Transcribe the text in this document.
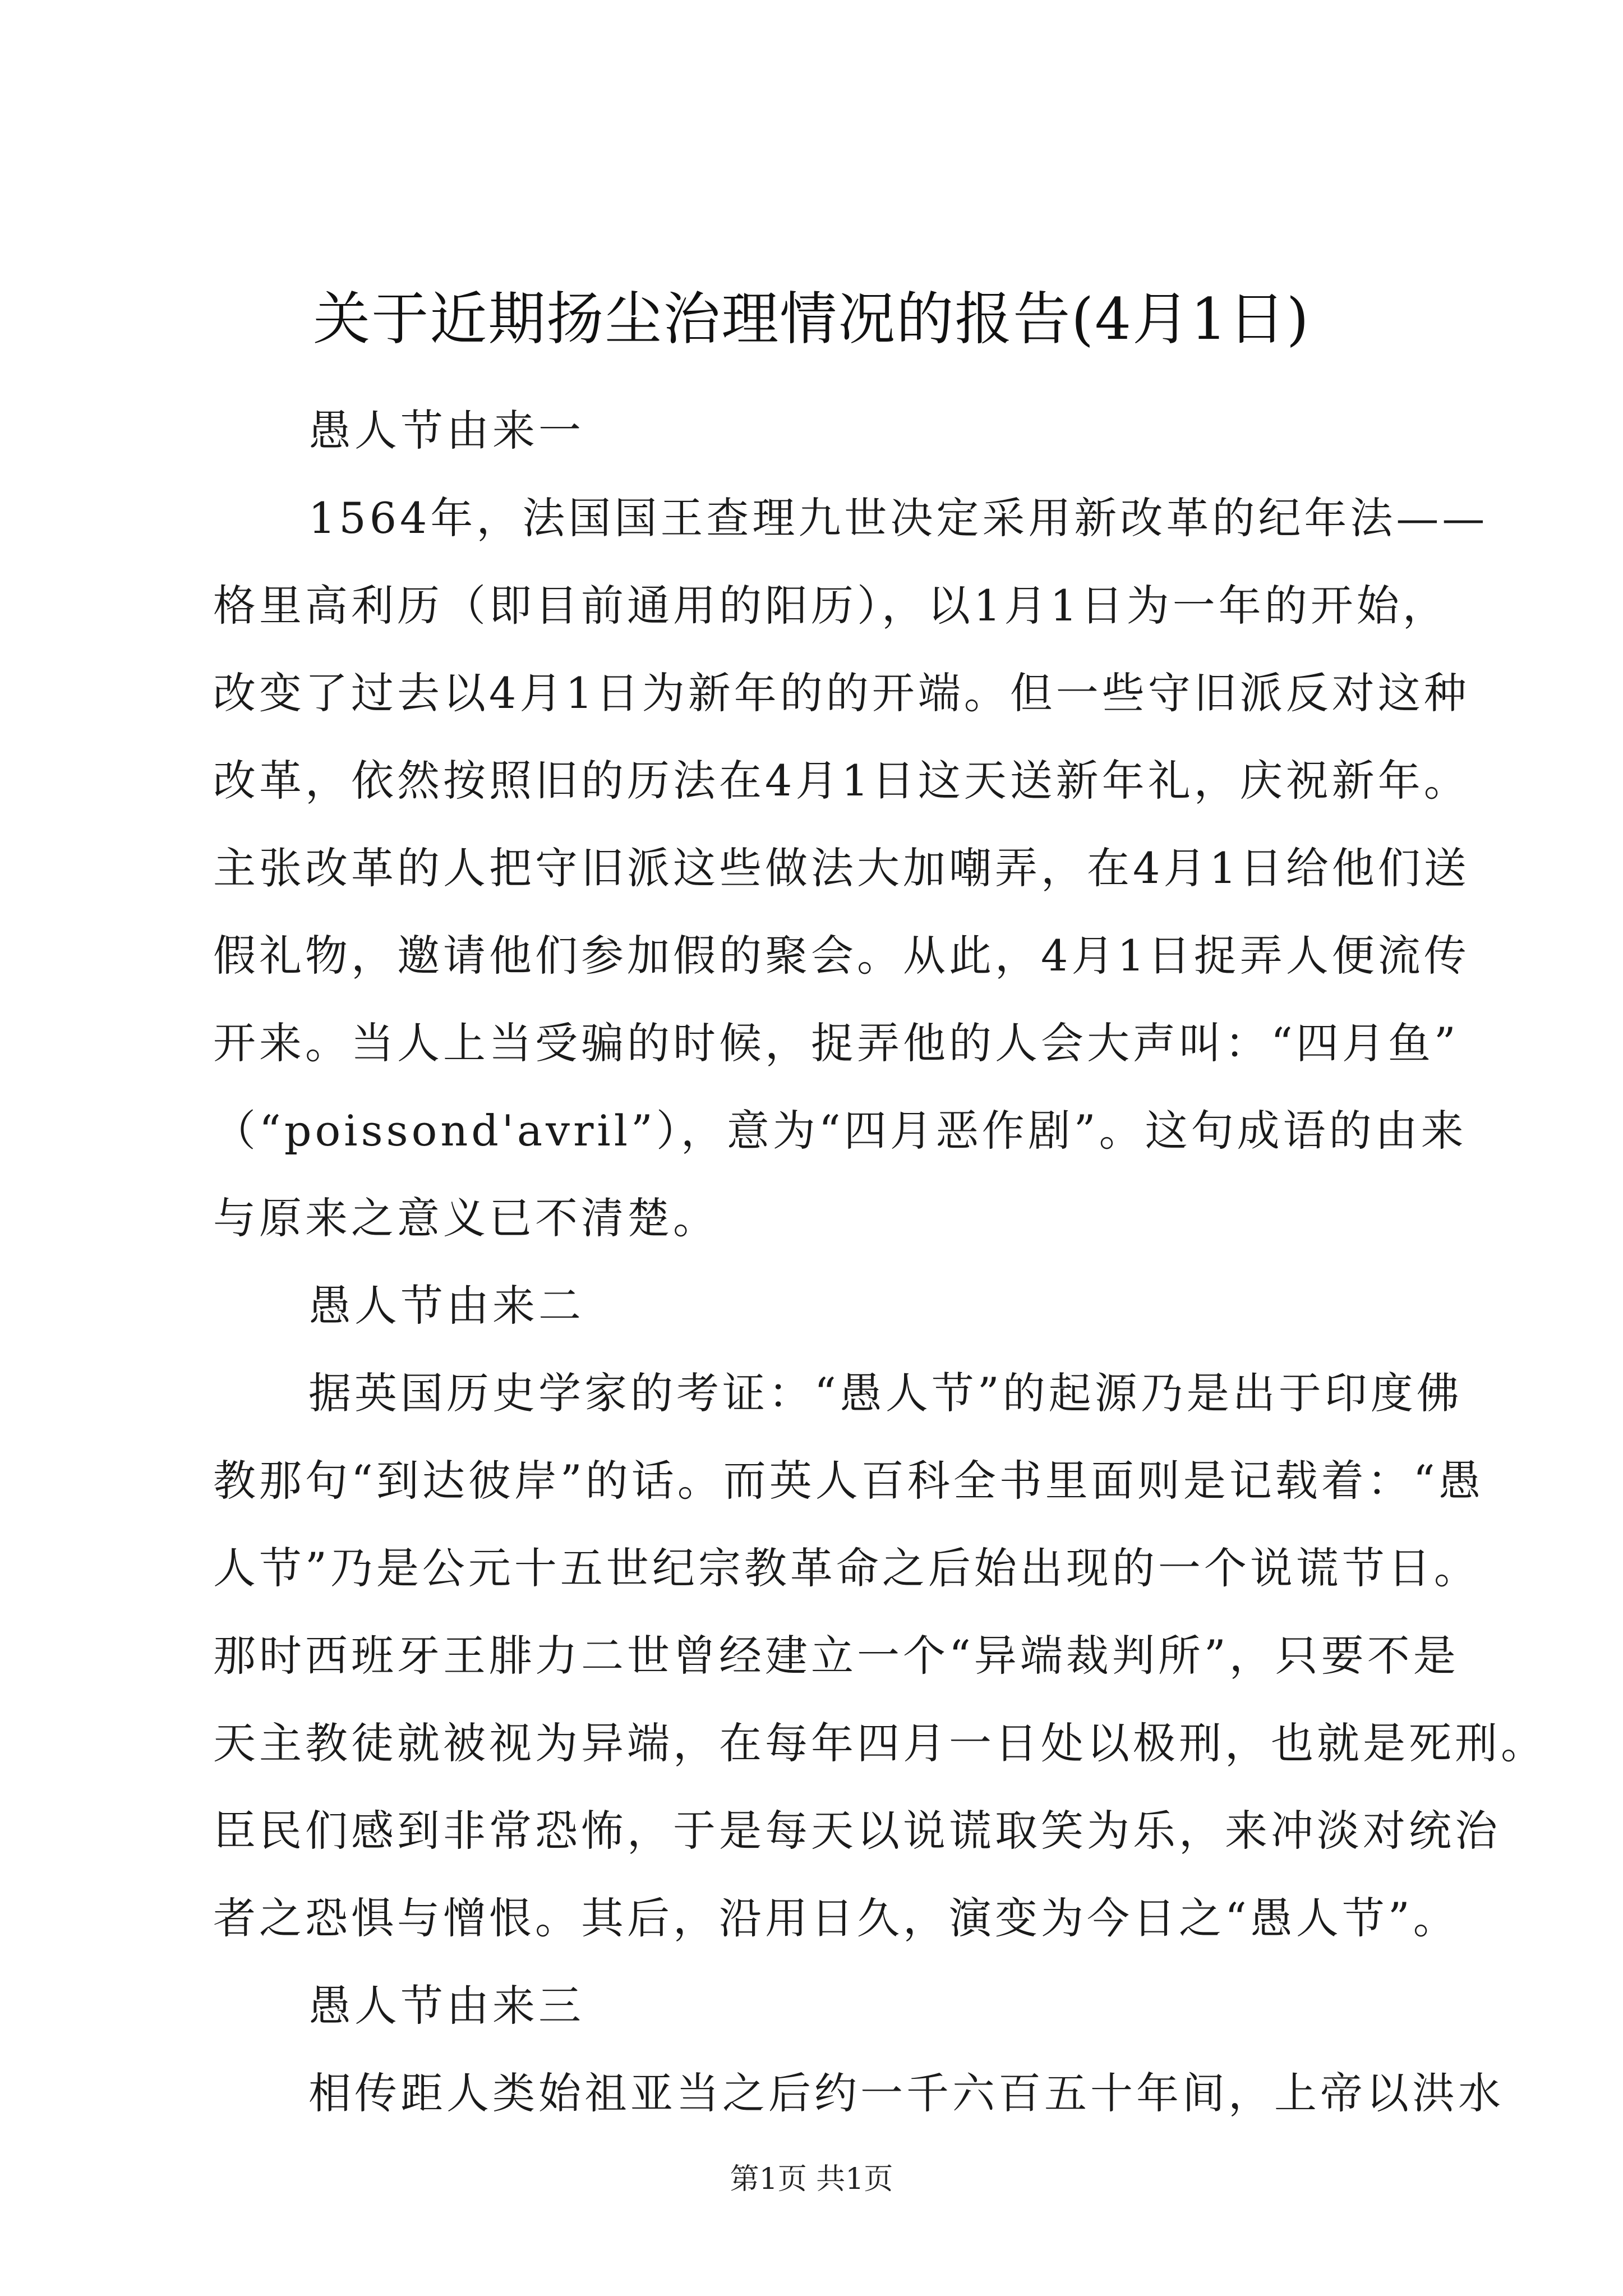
关于近期扬尘治理情况的报告(4月1日)
愚人节由来一
1564年，法国国王查理九世决定采用新改革的纪年法——
格里高利历（即目前通用的阳历），以1月1日为一年的开始，
改变了过去以4月1日为新年的的开端。但一些守旧派反对这种
改革，依然按照旧的历法在4月1日这天送新年礼，庆祝新年。
主张改革的人把守旧派这些做法大加嘲弄，在4月1日给他们送
假礼物，邀请他们参加假的聚会。从此，4月1日捉弄人便流传
开来。当人上当受骗的时候，捉弄他的人会大声叫：“四月鱼”
（“poissond'avril”），意为“四月恶作剧”。这句成语的由来
与原来之意义已不清楚。
愚人节由来二
据英国历史学家的考证：“愚人节”的起源乃是出于印度佛
教那句“到达彼岸”的话。而英人百科全书里面则是记载着：“愚
人节”乃是公元十五世纪宗教革命之后始出现的一个说谎节日。
那时西班牙王腓力二世曾经建立一个“异端裁判所”，只要不是
天主教徒就被视为异端，在每年四月一日处以极刑，也就是死刑。
臣民们感到非常恐怖，于是每天以说谎取笑为乐，来冲淡对统治
者之恐惧与憎恨。其后，沿用日久，演变为今日之“愚人节”。
愚人节由来三
相传距人类始祖亚当之后约一千六百五十年间，上帝以洪水
第1页 共1页
